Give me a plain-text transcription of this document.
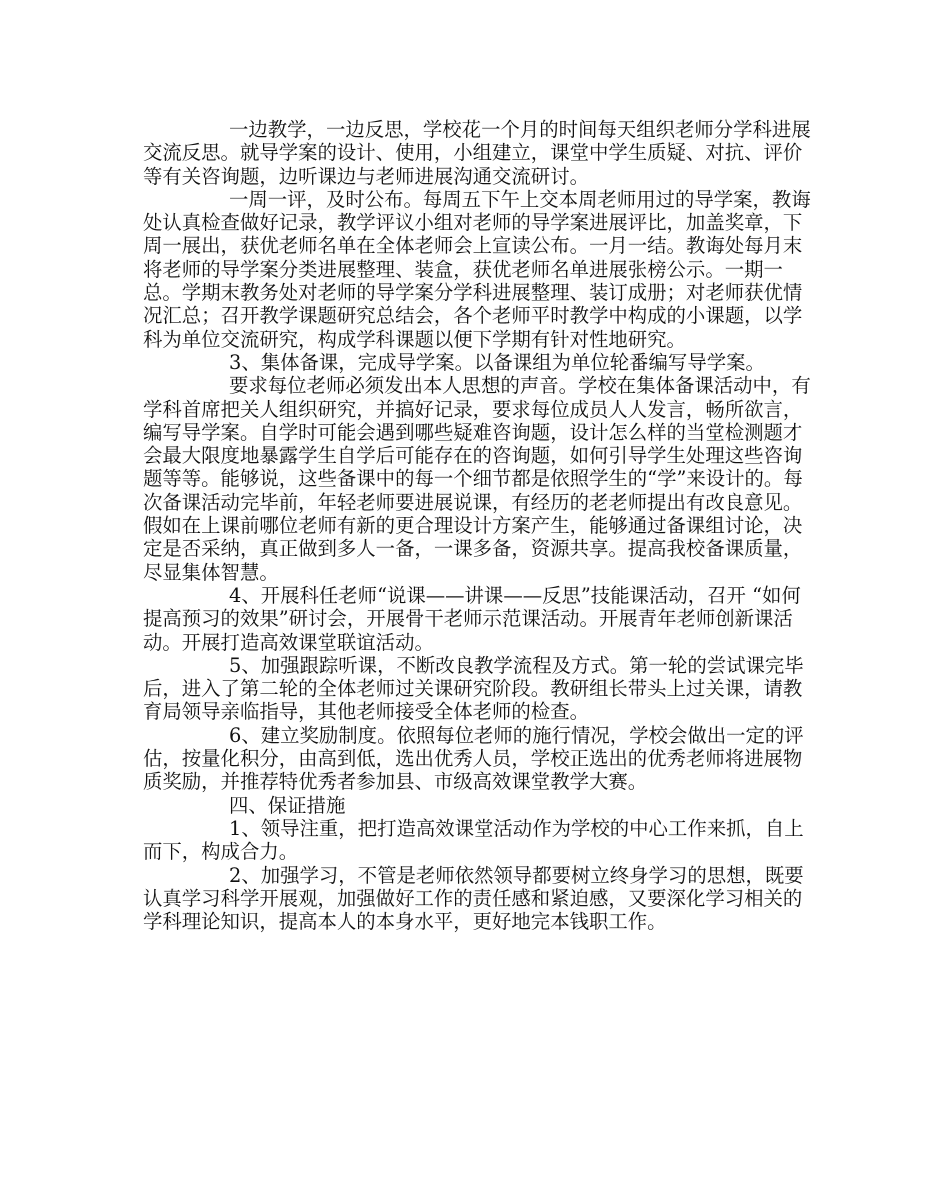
一边教学，一边反思，学校花一个月的时间每天组织老师分学科进展交流反思。就导学案的设计、使用，小组建立，课堂中学生质疑、对抗、评价等有关咨询题，边听课边与老师进展沟通交流研讨。

一周一评，及时公布。每周五下午上交本周老师用过的导学案，教诲处认真检查做好记录，教学评议小组对老师的导学案进展评比，加盖奖章，下周一展出，获优老师名单在全体老师会上宣读公布。一月一结。教诲处每月末将老师的导学案分类进展整理、装盒，获优老师名单进展张榜公示。一期一总。学期末教务处对老师的导学案分学科进展整理、装订成册；对老师获优情况汇总；召开教学课题研究总结会，各个老师平时教学中构成的小课题，以学科为单位交流研究，构成学科课题以便下学期有针对性地研究。

3、集体备课，完成导学案。以备课组为单位轮番编写导学案。

要求每位老师必须发出本人思想的声音。学校在集体备课活动中，有学科首席把关人组织研究，并搞好记录，要求每位成员人人发言，畅所欲言，编写导学案。自学时可能会遇到哪些疑难咨询题，设计怎么样的当堂检测题才会最大限度地暴露学生自学后可能存在的咨询题，如何引导学生处理这些咨询题等等。能够说，这些备课中的每一个细节都是依照学生的“学”来设计的。每次备课活动完毕前，年轻老师要进展说课，有经历的老老师提出有改良意见。假如在上课前哪位老师有新的更合理设计方案产生，能够通过备课组讨论，决定是否采纳，真正做到多人一备，一课多备，资源共享。提高我校备课质量，尽显集体智慧。

4、开展科任老师“说课——讲课——反思”技能课活动，召开 “如何提高预习的效果”研讨会，开展骨干老师示范课活动。开展青年老师创新课活动。开展打造高效课堂联谊活动。

5、加强跟踪听课，不断改良教学流程及方式。第一轮的尝试课完毕后，进入了第二轮的全体老师过关课研究阶段。教研组长带头上过关课，请教育局领导亲临指导，其他老师接受全体老师的检查。

6、建立奖励制度。依照每位老师的施行情况，学校会做出一定的评估，按量化积分，由高到低，选出优秀人员，学校正选出的优秀老师将进展物质奖励，并推荐特优秀者参加县、市级高效课堂教学大赛。

四、保证措施

1、领导注重，把打造高效课堂活动作为学校的中心工作来抓，自上而下，构成合力。

2、加强学习，不管是老师依然领导都要树立终身学习的思想，既要认真学习科学开展观，加强做好工作的责任感和紧迫感，又要深化学习相关的学科理论知识，提高本人的本身水平，更好地完本钱职工作。
